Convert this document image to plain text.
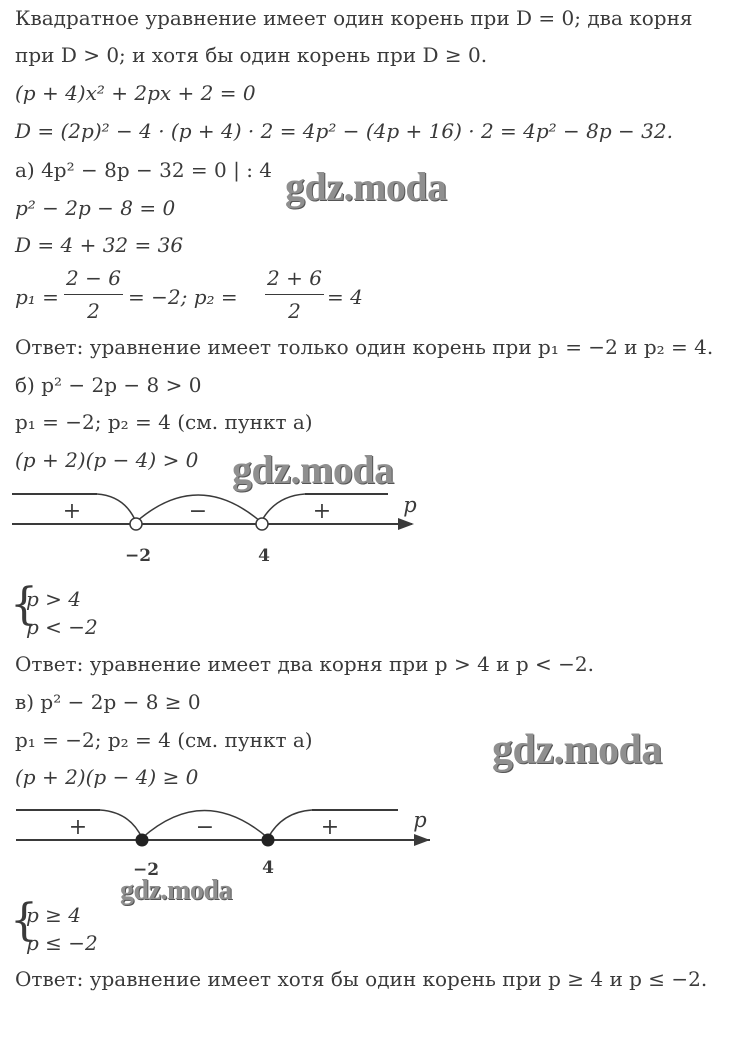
Квадратное уравнение имеет один корень при D = 0; два корня
при D > 0; и хотя бы один корень при D ≥ 0.
(p + 4)x² + 2px + 2 = 0
D = (2p)² − 4 · (p + 4) · 2 = 4p² − (4p + 16) · 2 = 4p² − 8p − 32.
а) 4p² − 8p − 32 = 0 | : 4
p² − 2p − 8 = 0
D = 4 + 32 = 36
p₁ =
2 − 6
2
= −2; p₂ =
2 + 6
2
= 4
Ответ: уравнение имеет только один корень при p₁ = −2 и p₂ = 4.
б) p² − 2p − 8 > 0
p₁ = −2; p₂ = 4 (см. пункт а)
(p + 2)(p − 4) > 0
+	−	+
−2	4
p
{
p > 4
p < −2
Ответ: уравнение имеет два корня при p > 4 и p < −2.
в) p² − 2p − 8 ≥ 0
p₁ = −2; p₂ = 4 (см. пункт а)
(p + 2)(p − 4) ≥ 0
+	−	+
−2	4
p
{
p ≥ 4
p ≤ −2
Ответ: уравнение имеет хотя бы один корень при p ≥ 4 и p ≤ −2.
gdz.moda
gdz.moda
gdz.moda
gdz.moda
